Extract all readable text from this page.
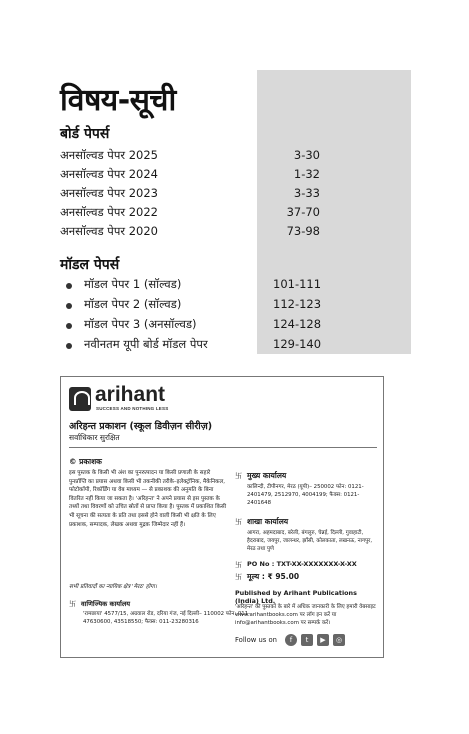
विषय-सूची
बोर्ड पेपर्स
अनसॉल्वड पेपर 2025	3-30
अनसॉल्वड पेपर 2024	1-32
अनसॉल्वड पेपर 2023	3-33
अनसॉल्वड पेपर 2022	37-70
अनसॉल्वड पेपर 2020	73-98
मॉडल पेपर्स
मॉडल पेपर 1 (सॉल्वड)	101-111
मॉडल पेपर 2 (सॉल्वड)	112-123
मॉडल पेपर 3 (अनसॉल्वड)	124-128
नवीनतम यूपी बोर्ड मॉडल पेपर	129-140
arihant
SUCCESS AND NOTHING LESS
अरिहन्त प्रकाशन (स्कूल डिवीज़न सीरीज़)
सर्वाधिकार सुरक्षित
© प्रकाशक
इस पुस्तक के किसी भी अंश का पुनरुत्पादन या किसी प्रणाली के सहारे पुनर्प्राप्ति का प्रयास अथवा किसी भी तकनीकी तरीके–इलेक्ट्रॉनिक, मैकेनिकल, फोटोकॉपी, रिकॉर्डिंग या वेब माध्यम — से प्रकाशक की अनुमति के बिना वितरित नहीं किया जा सकता है। 'अरिहन्त' ने अपने प्रयास से इस पुस्तक के तथ्यों तथा विवरणों को उचित स्रोतों से प्राप्त किया है। पुस्तक में प्रकाशित किसी भी सूचना की सत्यता के प्रति तथा इससे होने वाली किसी भी क्षति के लिए प्रकाशक, सम्पादक, लेखक अथवा मुद्रक जिम्मेदार नहीं हैं।
सभी प्रतिवादों का न्यायिक क्षेत्र 'मेरठ' होगा।
卐 वाणिज्यिक कार्यालय
'रामछाया' 4577/15, अग्रवाल रोड, दरिया गंज, नई दिल्ली– 110002 फोन: 011-47630600, 43518550; फैक्स: 011-23280316
卐 मुख्य कार्यालय
कालिन्दी, टीपीनगर, मेरठ (यूपी)– 250002 फोन: 0121-2401479, 2512970, 4004199; फैक्स: 0121-2401648
卐 शाखा कार्यालय
आगरा, अहमदाबाद, बरेली, बंगलुरु, चेन्नई, दिल्ली, गुवाहाटी, हैदराबाद, जयपुर, जालन्धर, झाँसी, कोलकाता, लखनऊ, नागपुर, मेरठ तथा पुणे
卐 PO No : TXT-XX-XXXXXXX-X-XX
卐 मूल्य : ₹ 95.00
Published by Arihant Publications (India) Ltd.
'अरिहन्त' की पुस्तकों के बारे में अधिक जानकारी के लिए हमारी वेबसाइट www.arihantbooks.com पर लॉग इन करें या info@arihantbooks.com पर सम्पर्क करें।
Follow us on	f	t	▶	◎
